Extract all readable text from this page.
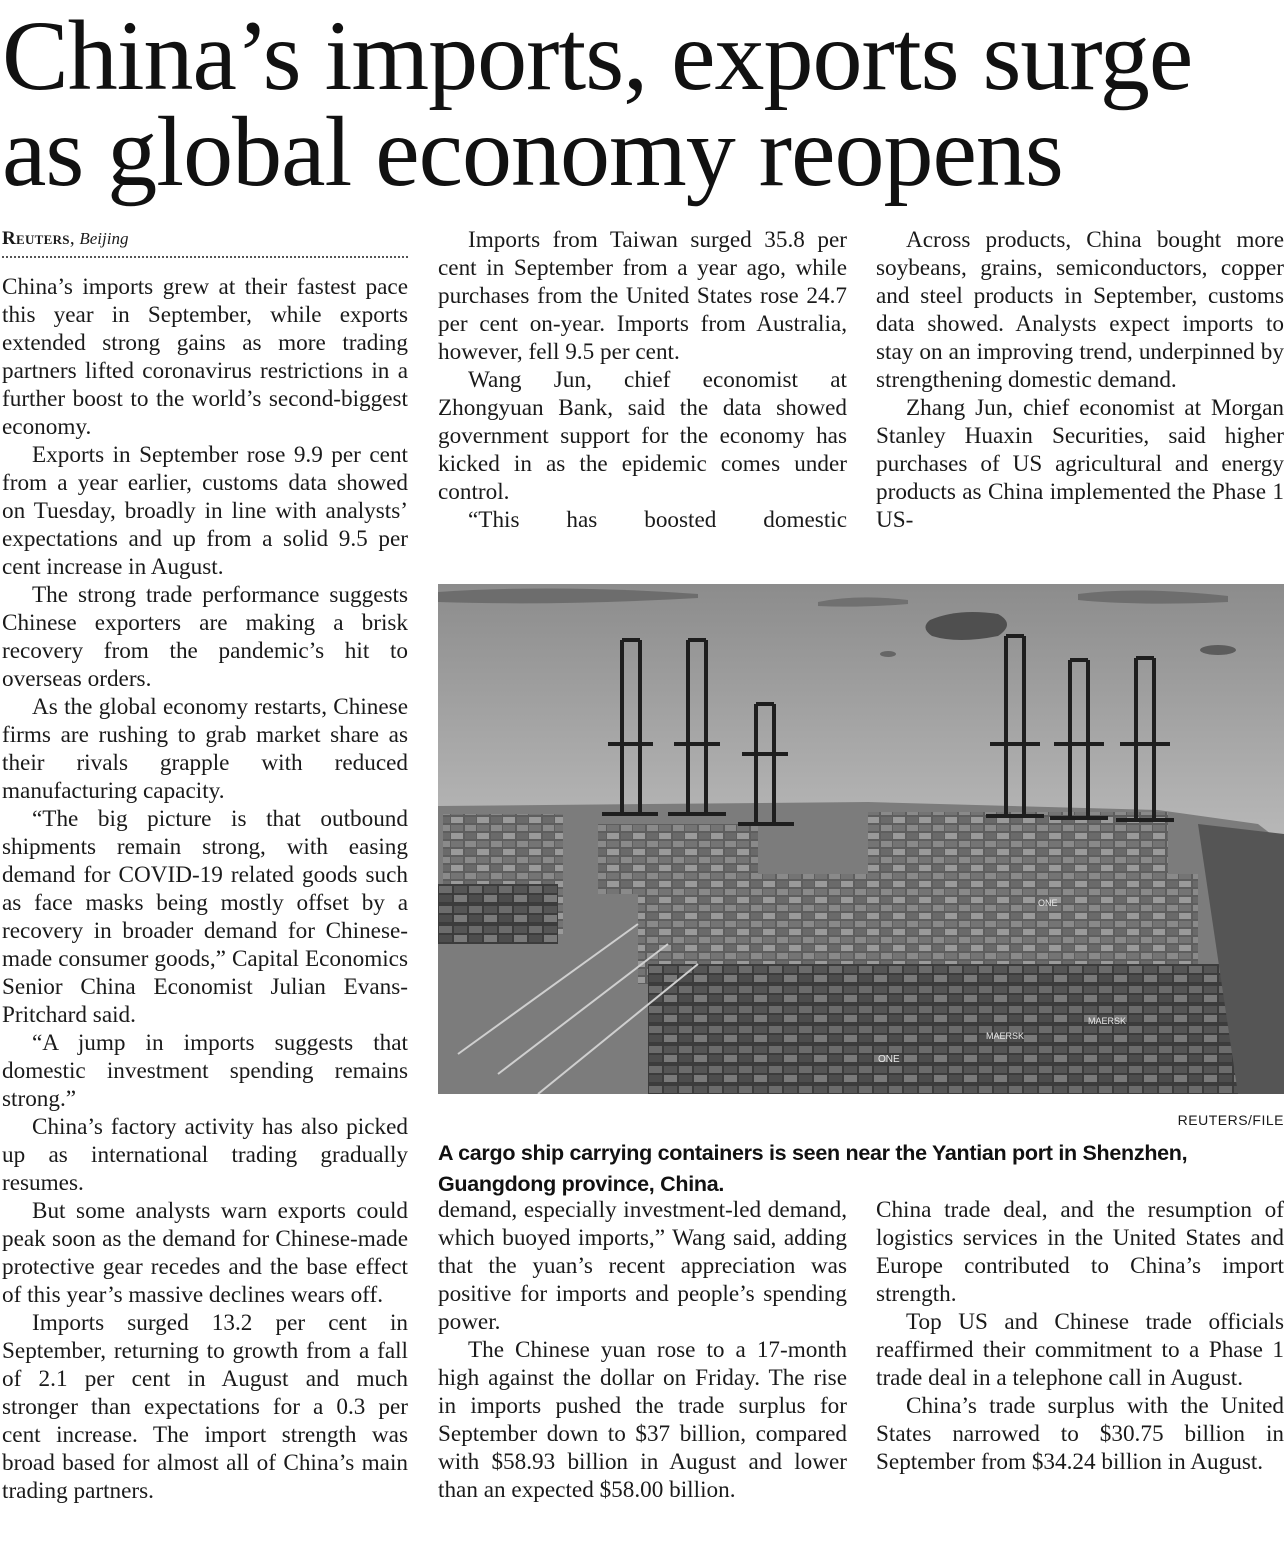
China’s imports, exports surge as global economy reopens
Reuters, Beijing

China’s imports grew at their fastest pace this year in September, while exports extended strong gains as more trading partners lifted coronavirus restrictions in a further boost to the world’s second-biggest economy.

Exports in September rose 9.9 per cent from a year earlier, customs data showed on Tuesday, broadly in line with analysts’ expectations and up from a solid 9.5 per cent increase in August.

The strong trade performance suggests Chinese exporters are making a brisk recovery from the pandemic’s hit to overseas orders.

As the global economy restarts, Chinese firms are rushing to grab market share as their rivals grapple with reduced manufacturing capacity.

“The big picture is that outbound shipments remain strong, with easing demand for COVID-19 related goods such as face masks being mostly offset by a recovery in broader demand for Chinese-made consumer goods,” Capital Economics Senior China Economist Julian Evans-Pritchard said.

“A jump in imports suggests that domestic investment spending remains strong.”

China’s factory activity has also picked up as international trading gradually resumes.

But some analysts warn exports could peak soon as the demand for Chinese-made protective gear recedes and the base effect of this year’s massive declines wears off.

Imports surged 13.2 per cent in September, returning to growth from a fall of 2.1 per cent in August and much stronger than expectations for a 0.3 per cent increase. The import strength was broad based for almost all of China’s main trading partners.

Imports from Taiwan surged 35.8 per cent in September from a year ago, while purchases from the United States rose 24.7 per cent on-year. Imports from Australia, however, fell 9.5 per cent.

Wang Jun, chief economist at Zhongyuan Bank, said the data showed government support for the economy has kicked in as the epidemic comes under control.

“This has boosted domestic

Across products, China bought more soybeans, grains, semiconductors, copper and steel products in September, customs data showed. Analysts expect imports to stay on an improving trend, underpinned by strengthening domestic demand.

Zhang Jun, chief economist at Morgan Stanley Huaxin Securities, said higher purchases of US agricultural and energy products as China implemented the Phase 1 US-

MAERSK
ONE
MAERSK
ONE
REUTERS/FILE

A cargo ship carrying containers is seen near the Yantian port in Shenzhen, Guangdong province, China.

demand, especially investment-led demand, which buoyed imports,” Wang said, adding that the yuan’s recent appreciation was positive for imports and people’s spending power.

The Chinese yuan rose to a 17-month high against the dollar on Friday. The rise in imports pushed the trade surplus for September down to $37 billion, compared with $58.93 billion in August and lower than an expected $58.00 billion.

China trade deal, and the resumption of logistics services in the United States and Europe contributed to China’s import strength.

Top US and Chinese trade officials reaffirmed their commitment to a Phase 1 trade deal in a telephone call in August.

China’s trade surplus with the United States narrowed to $30.75 billion in September from $34.24 billion in August.
